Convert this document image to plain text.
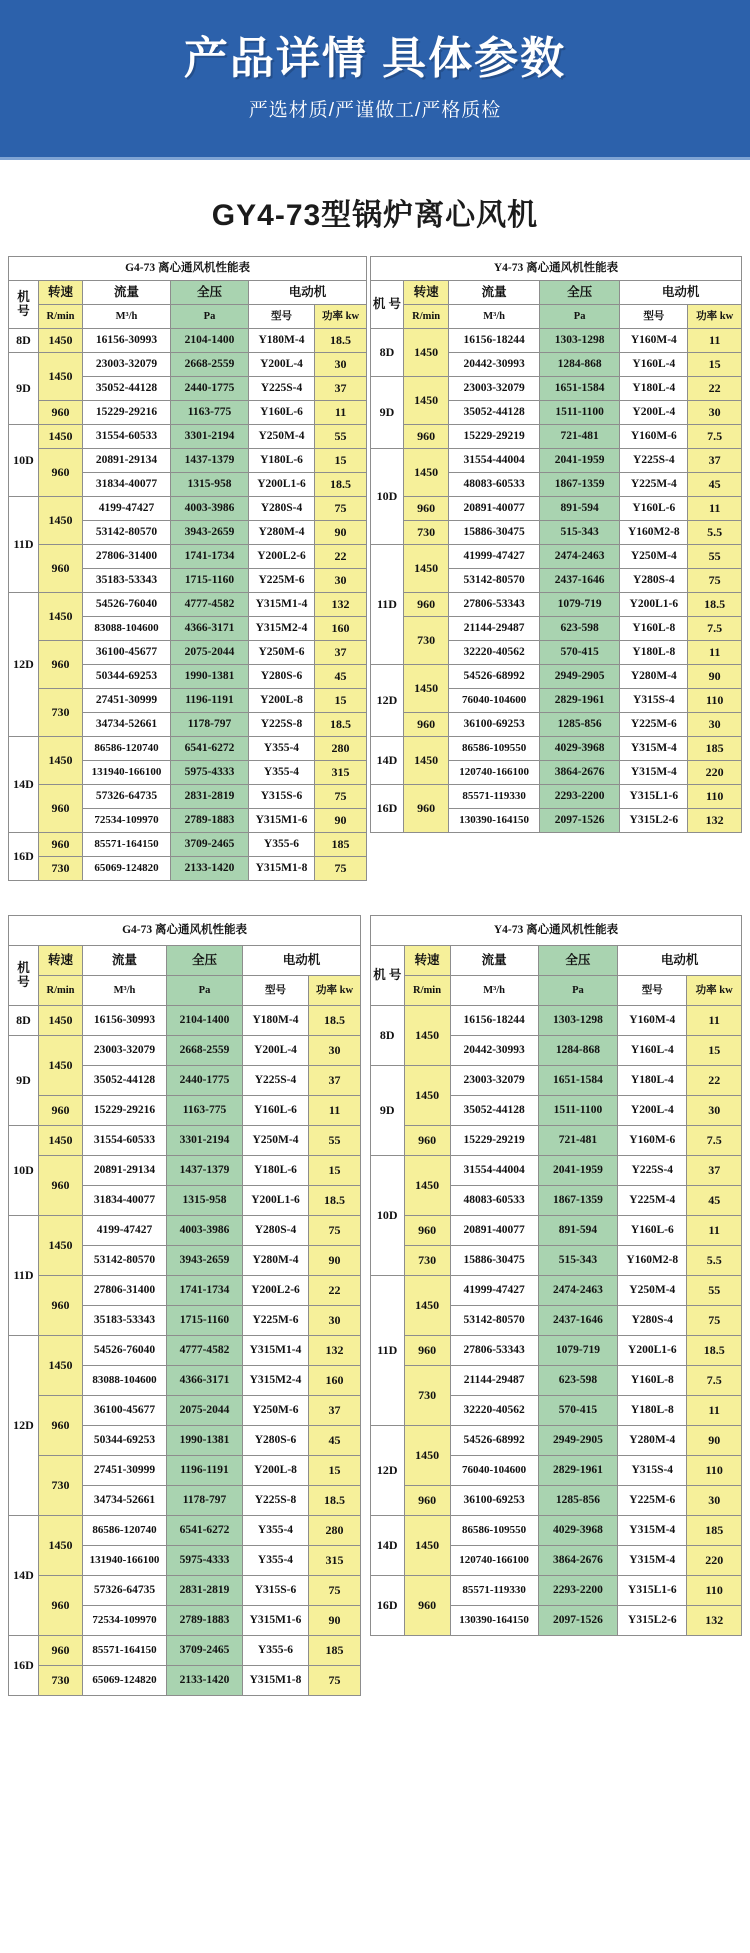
产品详情 具体参数
严选材质/严谨做工/严格质检
GY4-73型锅炉离心风机
G4-73 离心通风机性能表					
机 号	转速	流量	全压	电动机	
	R/min	M³/h	Pa	型号	功率 kw
8D	1450	16156-30993	2104-1400	Y180M-4	18.5
9D	1450	23003-32079	2668-2559	Y200L-4	30
		35052-44128	2440-1775	Y225S-4	37
	960	15229-29216	1163-775	Y160L-6	11
10D	1450	31554-60533	3301-2194	Y250M-4	55
	960	20891-29134	1437-1379	Y180L-6	15
		31834-40077	1315-958	Y200L1-6	18.5
11D	1450	4199-47427	4003-3986	Y280S-4	75
		53142-80570	3943-2659	Y280M-4	90
	960	27806-31400	1741-1734	Y200L2-6	22
		35183-53343	1715-1160	Y225M-6	30
12D	1450	54526-76040	4777-4582	Y315M1-4	132
		83088-104600	4366-3171	Y315M2-4	160
	960	36100-45677	2075-2044	Y250M-6	37
		50344-69253	1990-1381	Y280S-6	45
	730	27451-30999	1196-1191	Y200L-8	15
		34734-52661	1178-797	Y225S-8	18.5
14D	1450	86586-120740	6541-6272	Y355-4	280
		131940-166100	5975-4333	Y355-4	315
	960	57326-64735	2831-2819	Y315S-6	75
		72534-109970	2789-1883	Y315M1-6	90
16D	960	85571-164150	3709-2465	Y355-6	185
	730	65069-124820	2133-1420	Y315M1-8	75
Y4-73 离心通风机性能表					
机 号	转速	流量	全压	电动机	
	R/min	M³/h	Pa	型号	功率 kw
8D	1450	16156-18244	1303-1298	Y160M-4	11
		20442-30993	1284-868	Y160L-4	15
9D	1450	23003-32079	1651-1584	Y180L-4	22
		35052-44128	1511-1100	Y200L-4	30
	960	15229-29219	721-481	Y160M-6	7.5
10D	1450	31554-44004	2041-1959	Y225S-4	37
		48083-60533	1867-1359	Y225M-4	45
	960	20891-40077	891-594	Y160L-6	11
	730	15886-30475	515-343	Y160M2-8	5.5
11D	1450	41999-47427	2474-2463	Y250M-4	55
		53142-80570	2437-1646	Y280S-4	75
	960	27806-53343	1079-719	Y200L1-6	18.5
	730	21144-29487	623-598	Y160L-8	7.5
		32220-40562	570-415	Y180L-8	11
12D	1450	54526-68992	2949-2905	Y280M-4	90
		76040-104600	2829-1961	Y315S-4	110
	960	36100-69253	1285-856	Y225M-6	30
14D	1450	86586-109550	4029-3968	Y315M-4	185
		120740-166100	3864-2676	Y315M-4	220
16D	960	85571-119330	2293-2200	Y315L1-6	110
		130390-164150	2097-1526	Y315L2-6	132
G4-73 离心通风机性能表					
机 号	转速	流量	全压	电动机	
	R/min	M³/h	Pa	型号	功率 kw
8D	1450	16156-30993	2104-1400	Y180M-4	18.5
9D	1450	23003-32079	2668-2559	Y200L-4	30
		35052-44128	2440-1775	Y225S-4	37
	960	15229-29216	1163-775	Y160L-6	11
10D	1450	31554-60533	3301-2194	Y250M-4	55
	960	20891-29134	1437-1379	Y180L-6	15
		31834-40077	1315-958	Y200L1-6	18.5
11D	1450	4199-47427	4003-3986	Y280S-4	75
		53142-80570	3943-2659	Y280M-4	90
	960	27806-31400	1741-1734	Y200L2-6	22
		35183-53343	1715-1160	Y225M-6	30
12D	1450	54526-76040	4777-4582	Y315M1-4	132
		83088-104600	4366-3171	Y315M2-4	160
	960	36100-45677	2075-2044	Y250M-6	37
		50344-69253	1990-1381	Y280S-6	45
	730	27451-30999	1196-1191	Y200L-8	15
		34734-52661	1178-797	Y225S-8	18.5
14D	1450	86586-120740	6541-6272	Y355-4	280
		131940-166100	5975-4333	Y355-4	315
	960	57326-64735	2831-2819	Y315S-6	75
		72534-109970	2789-1883	Y315M1-6	90
16D	960	85571-164150	3709-2465	Y355-6	185
	730	65069-124820	2133-1420	Y315M1-8	75
Y4-73 离心通风机性能表					
机 号	转速	流量	全压	电动机	
	R/min	M³/h	Pa	型号	功率 kw
8D	1450	16156-18244	1303-1298	Y160M-4	11
		20442-30993	1284-868	Y160L-4	15
9D	1450	23003-32079	1651-1584	Y180L-4	22
		35052-44128	1511-1100	Y200L-4	30
	960	15229-29219	721-481	Y160M-6	7.5
10D	1450	31554-44004	2041-1959	Y225S-4	37
		48083-60533	1867-1359	Y225M-4	45
	960	20891-40077	891-594	Y160L-6	11
	730	15886-30475	515-343	Y160M2-8	5.5
11D	1450	41999-47427	2474-2463	Y250M-4	55
		53142-80570	2437-1646	Y280S-4	75
	960	27806-53343	1079-719	Y200L1-6	18.5
	730	21144-29487	623-598	Y160L-8	7.5
		32220-40562	570-415	Y180L-8	11
12D	1450	54526-68992	2949-2905	Y280M-4	90
		76040-104600	2829-1961	Y315S-4	110
	960	36100-69253	1285-856	Y225M-6	30
14D	1450	86586-109550	4029-3968	Y315M-4	185
		120740-166100	3864-2676	Y315M-4	220
16D	960	85571-119330	2293-2200	Y315L1-6	110
		130390-164150	2097-1526	Y315L2-6	132
